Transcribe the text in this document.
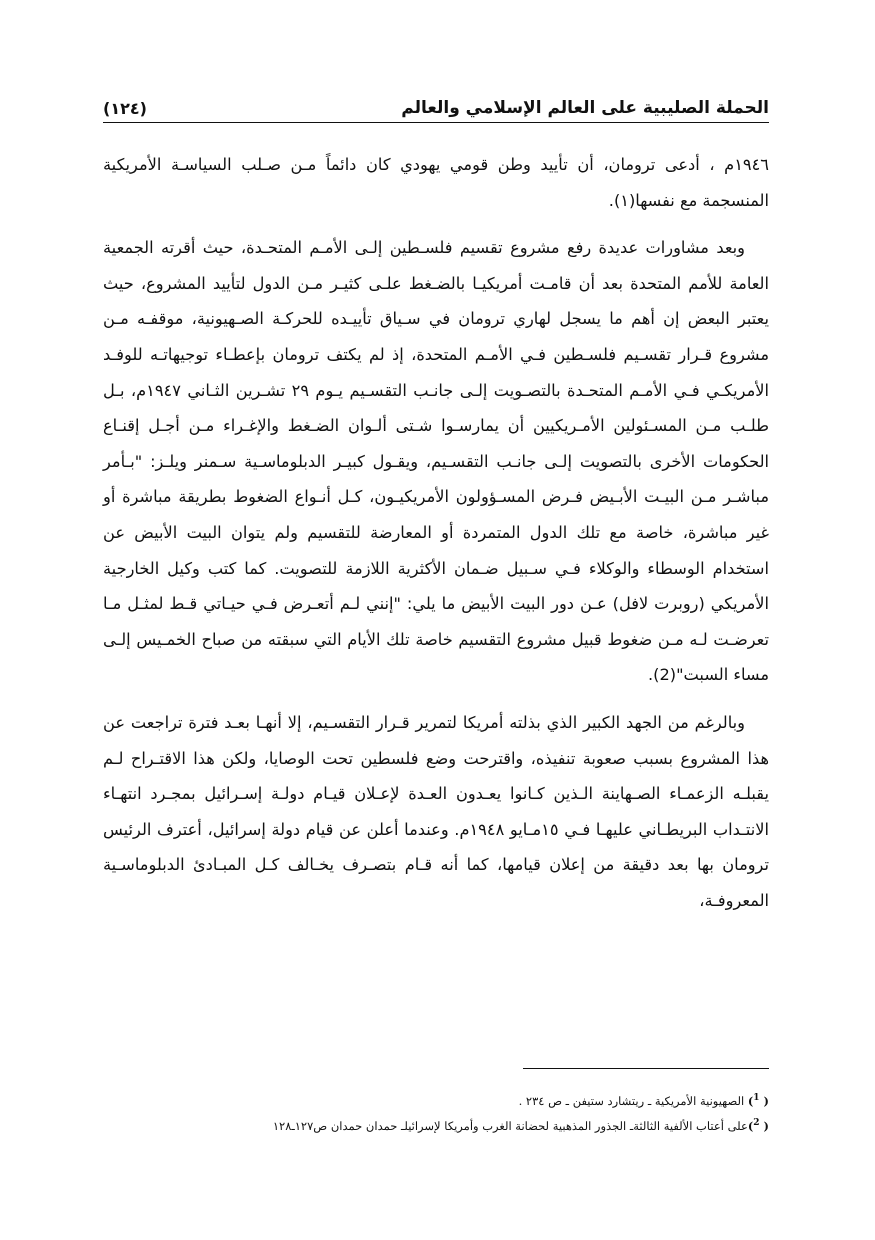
الحملة الصليبية على العالم الإسلامي والعالم
(١٢٤)

١٩٤٦م ، أدعى ترومان، أن تأييد وطن قومي يهودي كان دائماً مـن صـلب السياسـة الأمريكية المنسجمة مع نفسها(١).

وبعد مشاورات عديدة رفع مشروع تقسيم فلسـطين إلـى الأمـم المتحـدة، حيث أقرته الجمعية العامة للأمم المتحدة بعد أن قامـت أمريكيـا بالضـغط علـى كثيـر مـن الدول لتأييد المشروع، حيث يعتبر البعض إن أهم ما يسجل لهاري ترومان في سـياق تأييـده للحركـة الصـهيونية، موقفـه مـن مشروع قـرار تقسـيم فلسـطين فـي الأمـم المتحدة، إذ لم يكتف ترومان بإعطـاء توجيهاتـه للوفـد الأمريكـي فـي الأمـم المتحـدة بالتصـويت إلـى جانـب التقسـيم يـوم ٢٩ تشـرين الثـاني ١٩٤٧م، بـل طلـب مـن المسـئولين الأمـريكيين أن يمارسـوا شـتى ألـوان الضـغط والإغـراء مـن أجـل إقنـاع الحكومات الأخرى بالتصويت إلـى جانـب التقسـيم، ويقـول كبيـر الدبلوماسـية سـمنر ويلـز: "بـأمر مباشـر مـن البيـت الأبـيض فـرض المسـؤولون الأمريكيـون، كـل أنـواع الضغوط بطريقة مباشرة أو غير مباشرة، خاصة مع تلك الدول المتمردة أو المعارضة للتقسيم ولم يتوان البيت الأبيض عن استخدام الوسطاء والوكلاء فـي سـبيل ضـمان الأكثرية اللازمة للتصويت. كما كتب وكيل الخارجية الأمريكي (روبرت لافل) عـن دور البيت الأبيض ما يلي: "إنني لـم أتعـرض فـي حيـاتي قـط لمثـل مـا تعرضـت لـه مـن ضغوط قبيل مشروع التقسيم خاصة تلك الأيام التي سبقته من صباح الخمـيس إلـى مساء السبت"(2).

وبالرغم من الجهد الكبير الذي بذلته أمريكا لتمرير قـرار التقسـيم، إلا أنهـا بعـد فترة تراجعت عن هذا المشروع بسبب صعوبة تنفيذه، واقترحت وضع فلسطين تحت الوصايا، ولكن هذا الاقتـراح لـم يقبلـه الزعمـاء الصـهاينة الـذين كـانوا يعـدون العـدة لإعـلان قيـام دولـة إسـرائيل بمجـرد انتهـاء الانتـداب البريطـاني عليهـا فـي ١٥مـايو ١٩٤٨م. وعندما أعلن عن قيام دولة إسرائيل، أعترف الرئيس ترومان بها بعد دقيقة من إعلان قيامها، كما أنه قـام بتصـرف يخـالف كـل المبـادئ الدبلوماسـية المعروفـة،

( $^1$) الصهيونية الأمريكية ـ ريتشارد ستيفن ـ ص ٢٣٤ .
( $^2$)على أعتاب الألفية الثالثةـ الجذور المذهبية لحضانة الغرب وأمريكا لإسرائيلـ حمدان حمدان ص١٢٧ـ١٢٨
